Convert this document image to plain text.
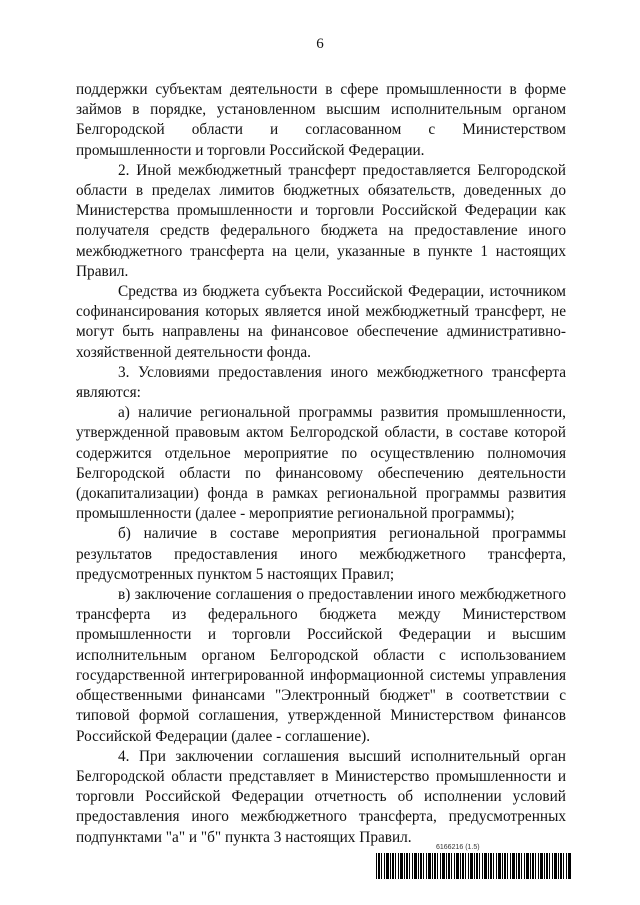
6

поддержки субъектам деятельности в сфере промышленности в форме займов в порядке, установленном высшим исполнительным органом Белгородской области и согласованном с Министерством промышленности и торговли Российской Федерации.

2. Иной межбюджетный трансферт предоставляется Белгородской области в пределах лимитов бюджетных обязательств, доведенных до Министерства промышленности и торговли Российской Федерации как получателя средств федерального бюджета на предоставление иного межбюджетного трансферта на цели, указанные в пункте 1 настоящих Правил.

Средства из бюджета субъекта Российской Федерации, источником софинансирования которых является иной межбюджетный трансферт, не могут быть направлены на финансовое обеспечение административно-хозяйственной деятельности фонда.

3. Условиями предоставления иного межбюджетного трансферта являются:

а) наличие региональной программы развития промышленности, утвержденной правовым актом Белгородской области, в составе которой содержится отдельное мероприятие по осуществлению полномочия Белгородской области по финансовому обеспечению деятельности (докапитализации) фонда в рамках региональной программы развития промышленности (далее - мероприятие региональной программы);

б) наличие в составе мероприятия региональной программы результатов предоставления иного межбюджетного трансферта, предусмотренных пунктом 5 настоящих Правил;

в) заключение соглашения о предоставлении иного межбюджетного трансферта из федерального бюджета между Министерством промышленности и торговли Российской Федерации и высшим исполнительным органом Белгородской области с использованием государственной интегрированной информационной системы управления общественными финансами "Электронный бюджет" в соответствии с типовой формой соглашения, утвержденной Министерством финансов Российской Федерации (далее - соглашение).

4. При заключении соглашения высший исполнительный орган Белгородской области представляет в Министерство промышленности и торговли Российской Федерации отчетность об исполнении условий предоставления иного межбюджетного трансферта, предусмотренных подпунктами "а" и "б" пункта 3 настоящих Правил.

6166216 (1.5)
